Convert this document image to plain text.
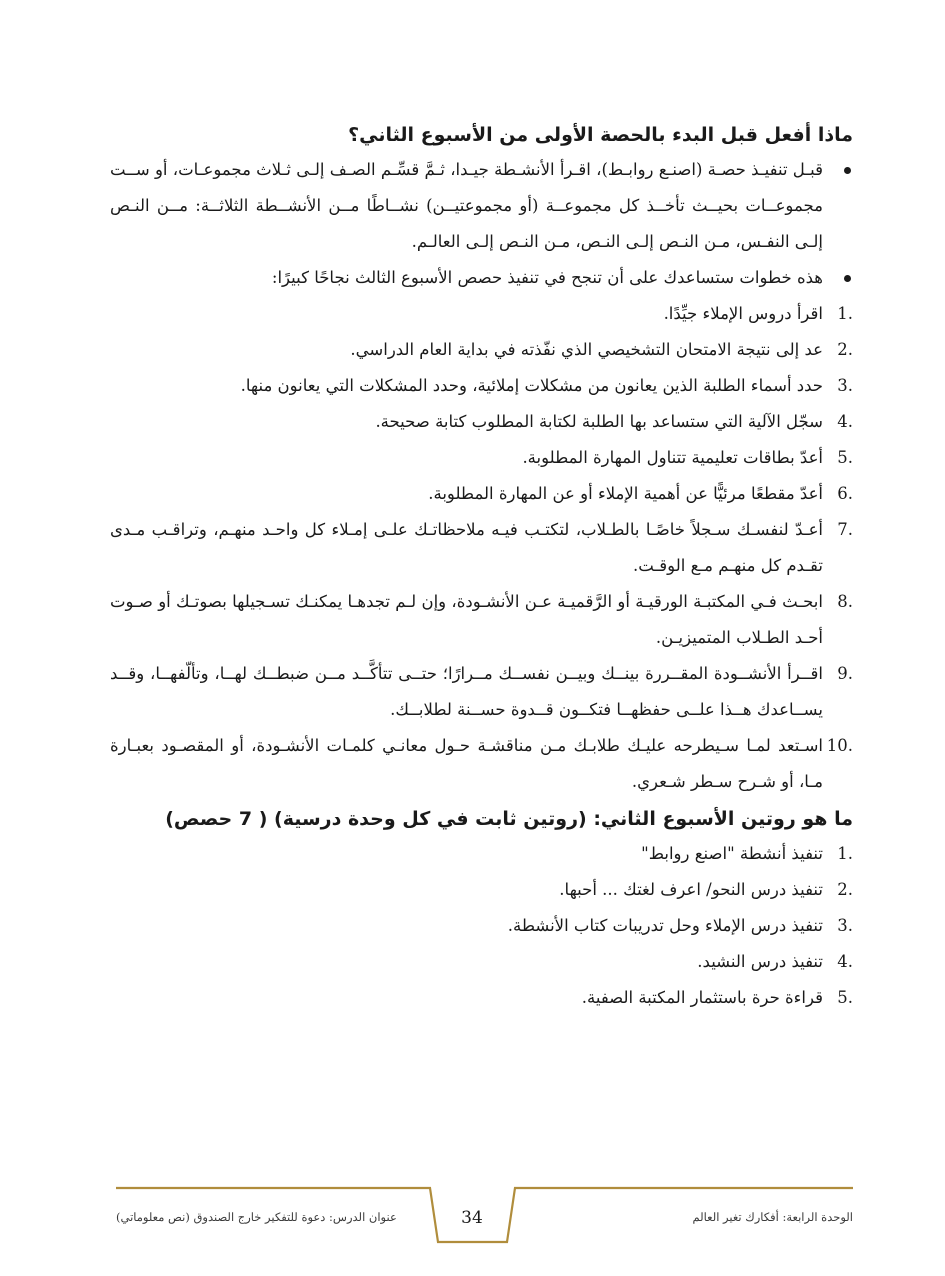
ماذا أفعل قبل البدء بالحصة الأولى من الأسبوع الثاني؟
قبـل تنفيـذ حصـة (اصنـع روابـط)، اقـرأ الأنشـطة جيـدا، ثـمَّ قسِّـم الصـف إلـى ثـلاث مجموعـات، أو ســت مجموعــات بحيــث تأخــذ كل مجموعــة (أو مجموعتيــن) نشــاطًا مــن الأنشــطة الثلاثــة: مــن النـص إلـى النفـس، مـن النـص إلـى النـص، مـن النـص إلـى العالـم.
هذه خطوات ستساعدك على أن تنجح في تنفيذ حصص الأسبوع الثالث نجاحًا كبيرًا:
1.
اقرأ دروس الإملاء جيِّدًا.
2.
عد إلى نتيجة الامتحان التشخيصي الذي نفّذته في بداية العام الدراسي.
3.
حدد أسماء الطلبة الذين يعانون من مشكلات إملائية، وحدد المشكلات التي يعانون منها.
4.
سجّل الآلية التي ستساعد بها الطلبة لكتابة المطلوب كتابة صحيحة.
5.
أعدّ بطاقات تعليمية تتناول المهارة المطلوبة.
6.
أعدّ مقطعًا مرئيًّا عن أهمية الإملاء أو عن المهارة المطلوبة.
7.
أعـدّ لنفسـك سـجلاً خاصًـا بالطـلاب، لتكتـب فيـه ملاحظاتـك علـى إمـلاء كل واحـد منهـم، وتراقـب مـدى تقـدم كل منهـم مـع الوقـت.
8.
ابحـث فـي المكتبـة الورقيـة أو الرَّقميـة عـن الأنشـودة، وإن لـم تجدهـا يمكنـك تسـجيلها بصوتـك أو صـوت أحـد الطـلاب المتميزيـن.
9.
اقــرأ الأنشــودة المقــررة بينــك وبيــن نفســك مــرارًا؛ حتــى تتأكَّــد مــن ضبطــك لهــا، وتألّفهــا، وقــد يســاعدك هــذا علــى حفظهــا فتكــون قــدوة حســنة لطلابــك.
10.
اسـتعد لمـا سـيطرحه عليـك طلابـك مـن مناقشـة حـول معانـي كلمـات الأنشـودة، أو المقصـود بعبـارة مـا، أو شـرح سـطر شـعري.
ما هو روتين الأسبوع الثاني: (روتين ثابت في كل وحدة درسية) ( 7 حصص)
1.
تنفيذ أنشطة "اصنع روابط"
2.
تنفيذ درس النحو/ اعرف لغتك ... أحبها.
3.
تنفيذ درس الإملاء وحل تدريبات كتاب الأنشطة.
4.
تنفيذ درس النشيد.
5.
قراءة حرة باستثمار المكتبة الصفية.
الوحدة الرابعة: أفكارك تغير العالم
34
عنوان الدرس: دعوة للتفكير خارج الصندوق (نص معلوماتي)
